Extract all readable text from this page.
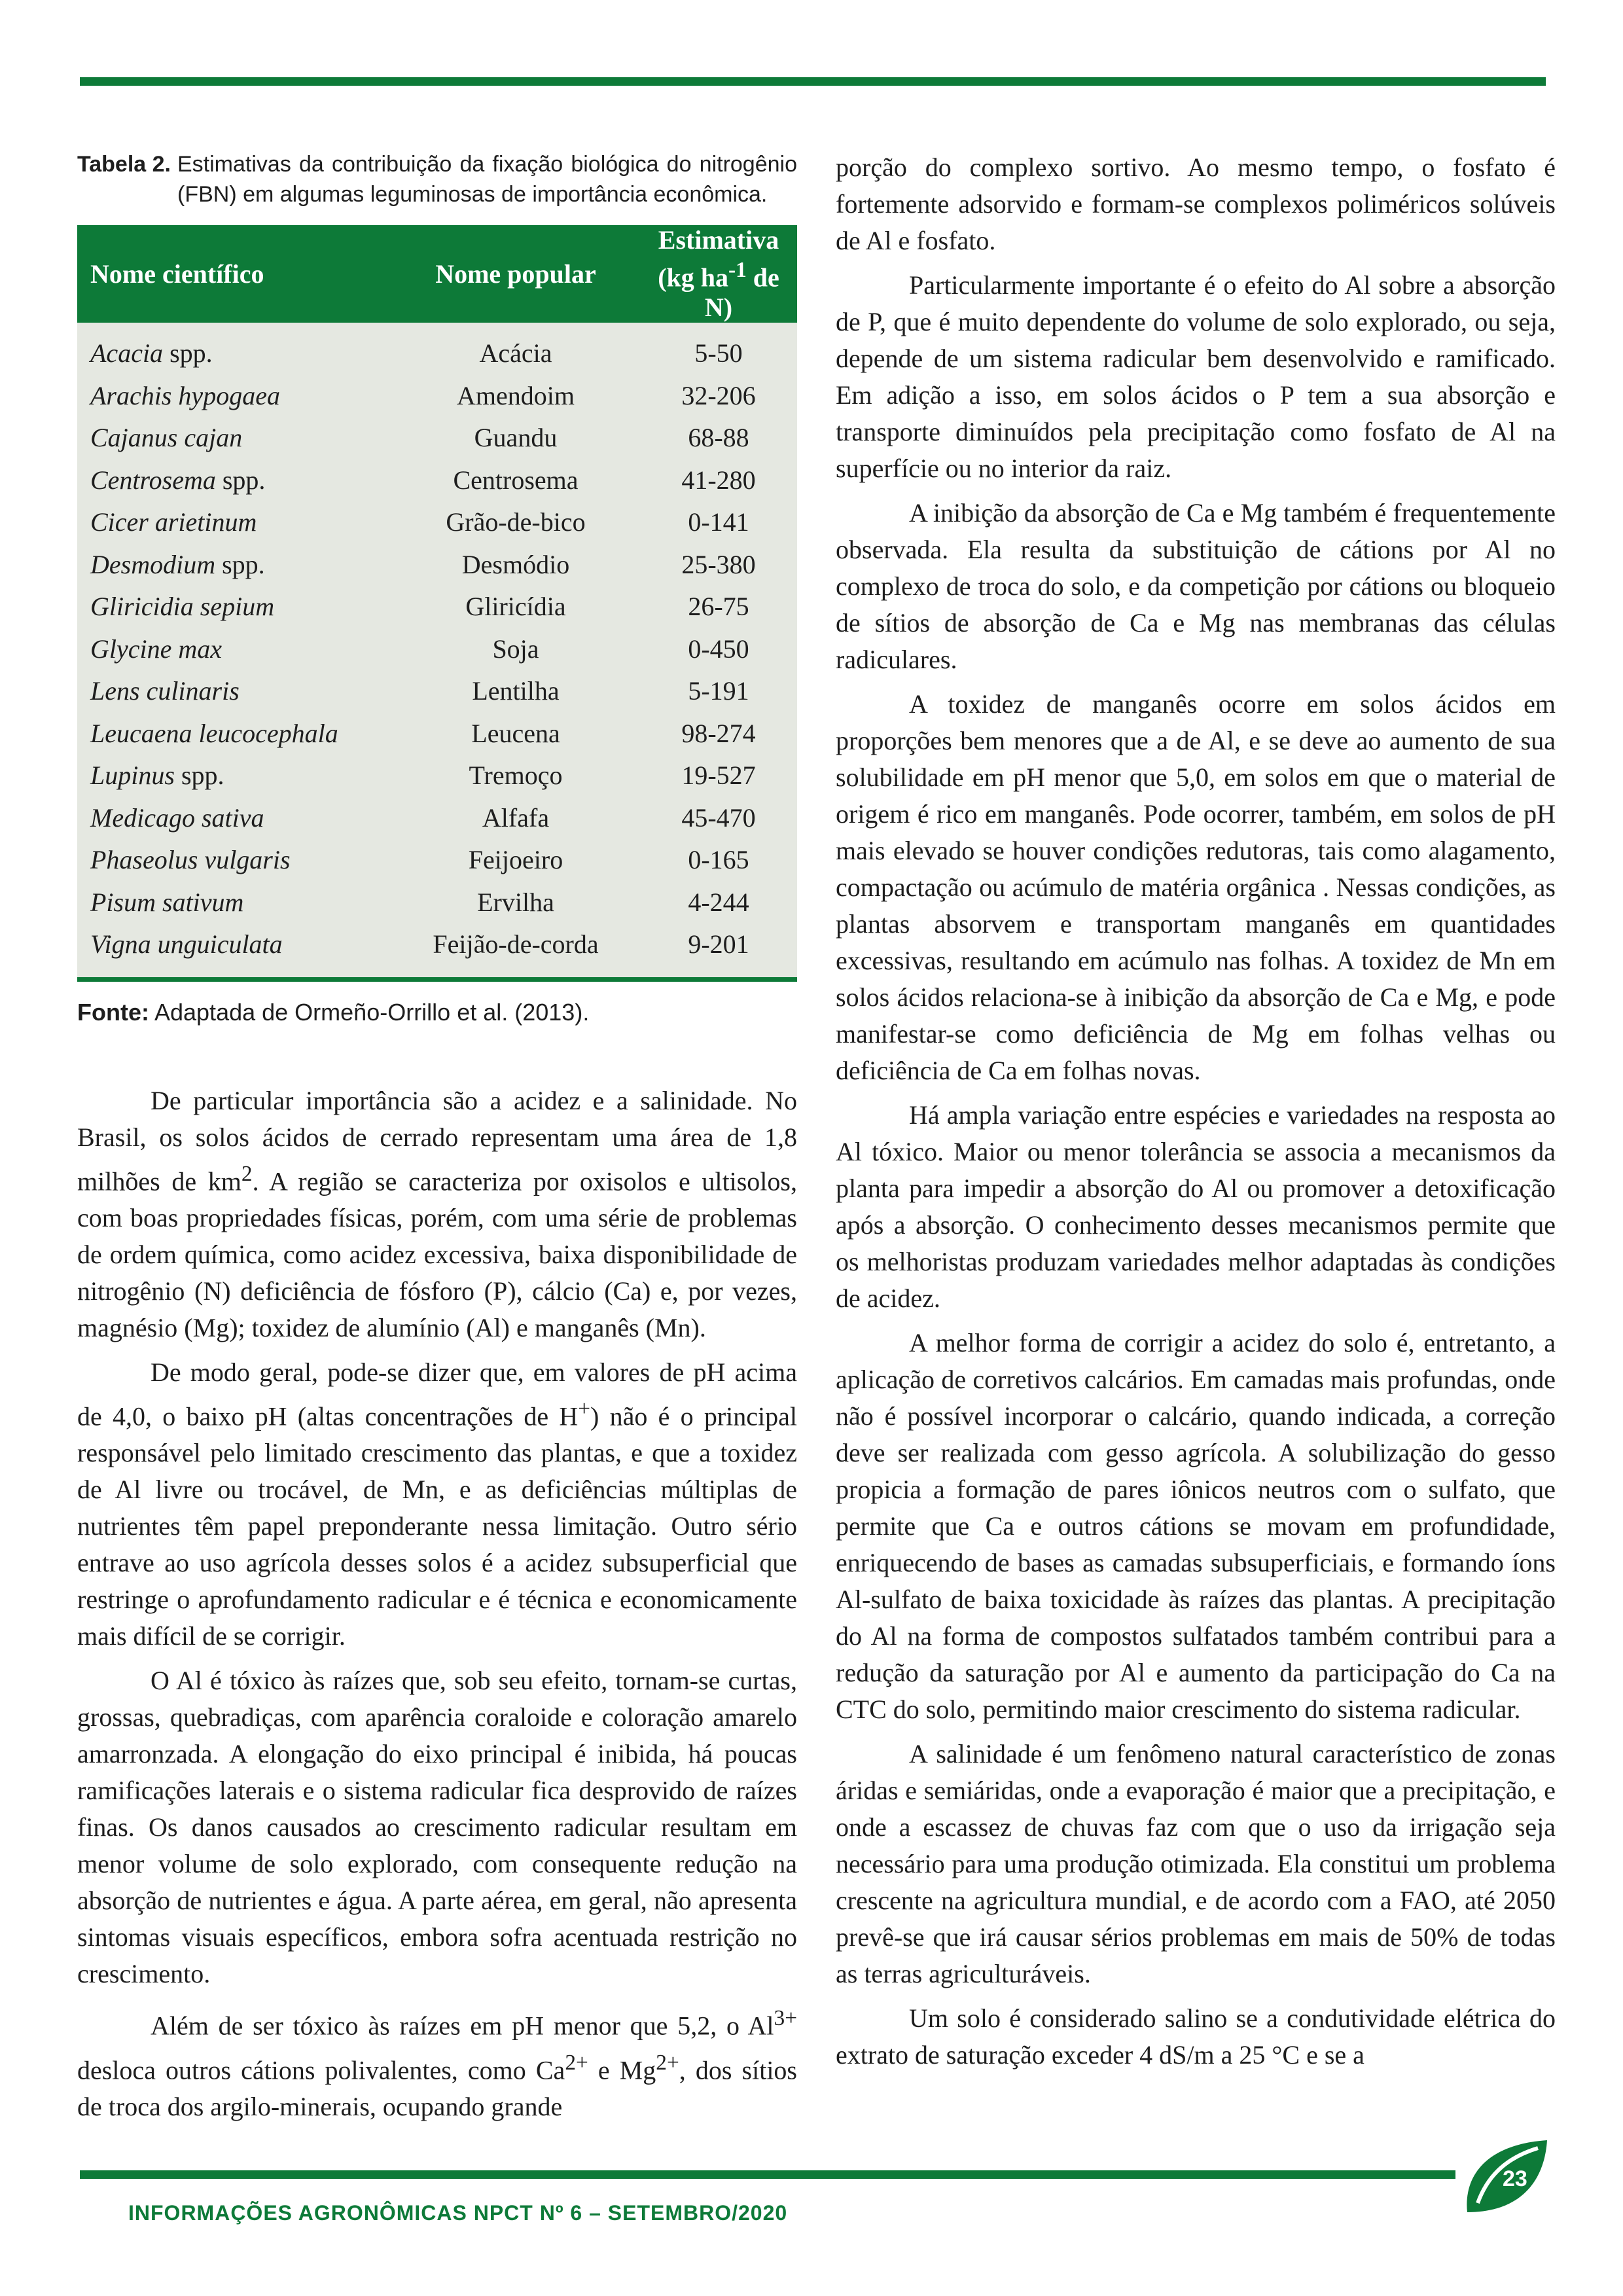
Tabela 2. Estimativas da contribuição da fixação biológica do nitrogênio (FBN) em algumas leguminosas de importância econômica.
Nome científico	Nome popular	Estimativa
(kg $ha^{-1}$ de N)
Acacia spp.	Acácia	5-50
Arachis hypogaea	Amendoim	32-206
Cajanus cajan	Guandu	68-88
Centrosema spp.	Centrosema	41-280
Cicer arietinum	Grão-de-bico	0-141
Desmodium spp.	Desmódio	25-380
Gliricidia sepium	Gliricídia	26-75
Glycine max	Soja	0-450
Lens culinaris	Lentilha	5-191
Leucaena leucocephala	Leucena	98-274
Lupinus spp.	Tremoço	19-527
Medicago sativa	Alfafa	45-470
Phaseolus vulgaris	Feijoeiro	0-165
Pisum sativum	Ervilha	4-244
Vigna unguiculata	Feijão-de-corda	9-201
Fonte: Adaptada de Ormeño-Orrillo et al. (2013).

De particular importância são a acidez e a salinidade. No Brasil, os solos ácidos de cerrado representam uma área de 1,8 milhões de $km^2$. A região se caracteriza por oxisolos e ultisolos, com boas propriedades físicas, porém, com uma série de problemas de ordem química, como acidez excessiva, baixa disponibilidade de nitrogênio (N) deficiência de fósforo (P), cálcio (Ca) e, por vezes, magnésio (Mg); toxidez de alumínio (Al) e manganês (Mn).

De modo geral, pode-se dizer que, em valores de pH acima de 4,0, o baixo pH (altas concentrações de H+) não é o principal responsável pelo limitado crescimento das plantas, e que a toxidez de Al livre ou trocável, de Mn, e as deficiências múltiplas de nutrientes têm papel preponderante nessa limitação. Outro sério entrave ao uso agrícola desses solos é a acidez subsuperficial que restringe o aprofundamento radicular e é técnica e economicamente mais difícil de se corrigir.

O Al é tóxico às raízes que, sob seu efeito, tornam-se curtas, grossas, quebradiças, com aparência coraloide e coloração amarelo amarronzada. A elongação do eixo principal é inibida, há poucas ramificações laterais e o sistema radicular fica desprovido de raízes finas. Os danos causados ao crescimento radicular resultam em menor volume de solo explorado, com consequente redução na absorção de nutrientes e água. A parte aérea, em geral, não apresenta sintomas visuais específicos, embora sofra acentuada restrição no crescimento.

Além de ser tóxico às raízes em pH menor que 5,2, o $Al^{3+}$ desloca outros cátions polivalentes, como $Ca^{2+}$ e $Mg^{2+}$, dos sítios de troca dos argilo-minerais, ocupando grande

porção do complexo sortivo. Ao mesmo tempo, o fosfato é fortemente adsorvido e formam-se complexos poliméricos solúveis de Al e fosfato.

Particularmente importante é o efeito do Al sobre a absorção de P, que é muito dependente do volume de solo explorado, ou seja, depende de um sistema radicular bem desenvolvido e ramificado. Em adição a isso, em solos ácidos o P tem a sua absorção e transporte diminuídos pela precipitação como fosfato de Al na superfície ou no interior da raiz.

A inibição da absorção de Ca e Mg também é frequentemente observada. Ela resulta da substituição de cátions por Al no complexo de troca do solo, e da competição por cátions ou bloqueio de sítios de absorção de Ca e Mg nas membranas das células radiculares.

A toxidez de manganês ocorre em solos ácidos em proporções bem menores que a de Al, e se deve ao aumento de sua solubilidade em pH menor que 5,0, em solos em que o material de origem é rico em manganês. Pode ocorrer, também, em solos de pH mais elevado se houver condições redutoras, tais como alagamento, compactação ou acúmulo de matéria orgânica . Nessas condições, as plantas absorvem e transportam manganês em quantidades excessivas, resultando em acúmulo nas folhas. A toxidez de Mn em solos ácidos relaciona-se à inibição da absorção de Ca e Mg, e pode manifestar-se como deficiência de Mg em folhas velhas ou deficiência de Ca em folhas novas.

Há ampla variação entre espécies e variedades na resposta ao Al tóxico. Maior ou menor tolerância se associa a mecanismos da planta para impedir a absorção do Al ou promover a detoxificação após a absorção. O conhecimento desses mecanismos permite que os melhoristas produzam variedades melhor adaptadas às condições de acidez.

A melhor forma de corrigir a acidez do solo é, entretanto, a aplicação de corretivos calcários. Em camadas mais profundas, onde não é possível incorporar o calcário, quando indicada, a correção deve ser realizada com gesso agrícola. A solubilização do gesso propicia a formação de pares iônicos neutros com o sulfato, que permite que Ca e outros cátions se movam em profundidade, enriquecendo de bases as camadas subsuperficiais, e formando íons Al-sulfato de baixa toxicidade às raízes das plantas. A precipitação do Al na forma de compostos sulfatados também contribui para a redução da saturação por Al e aumento da participação do Ca na CTC do solo, permitindo maior crescimento do sistema radicular.

A salinidade é um fenômeno natural característico de zonas áridas e semiáridas, onde a evaporação é maior que a precipitação, e onde a escassez de chuvas faz com que o uso da irrigação seja necessário para uma produção otimizada. Ela constitui um problema crescente na agricultura mundial, e de acordo com a FAO, até 2050 prevê-se que irá causar sérios problemas em mais de 50% de todas as terras agriculturáveis.

Um solo é considerado salino se a condutividade elétrica do extrato de saturação exceder 4 dS/m a 25 °C e se a

23
INFORMAÇÕES AGRONÔMICAS NPCT Nº 6 – SETEMBRO/2020
